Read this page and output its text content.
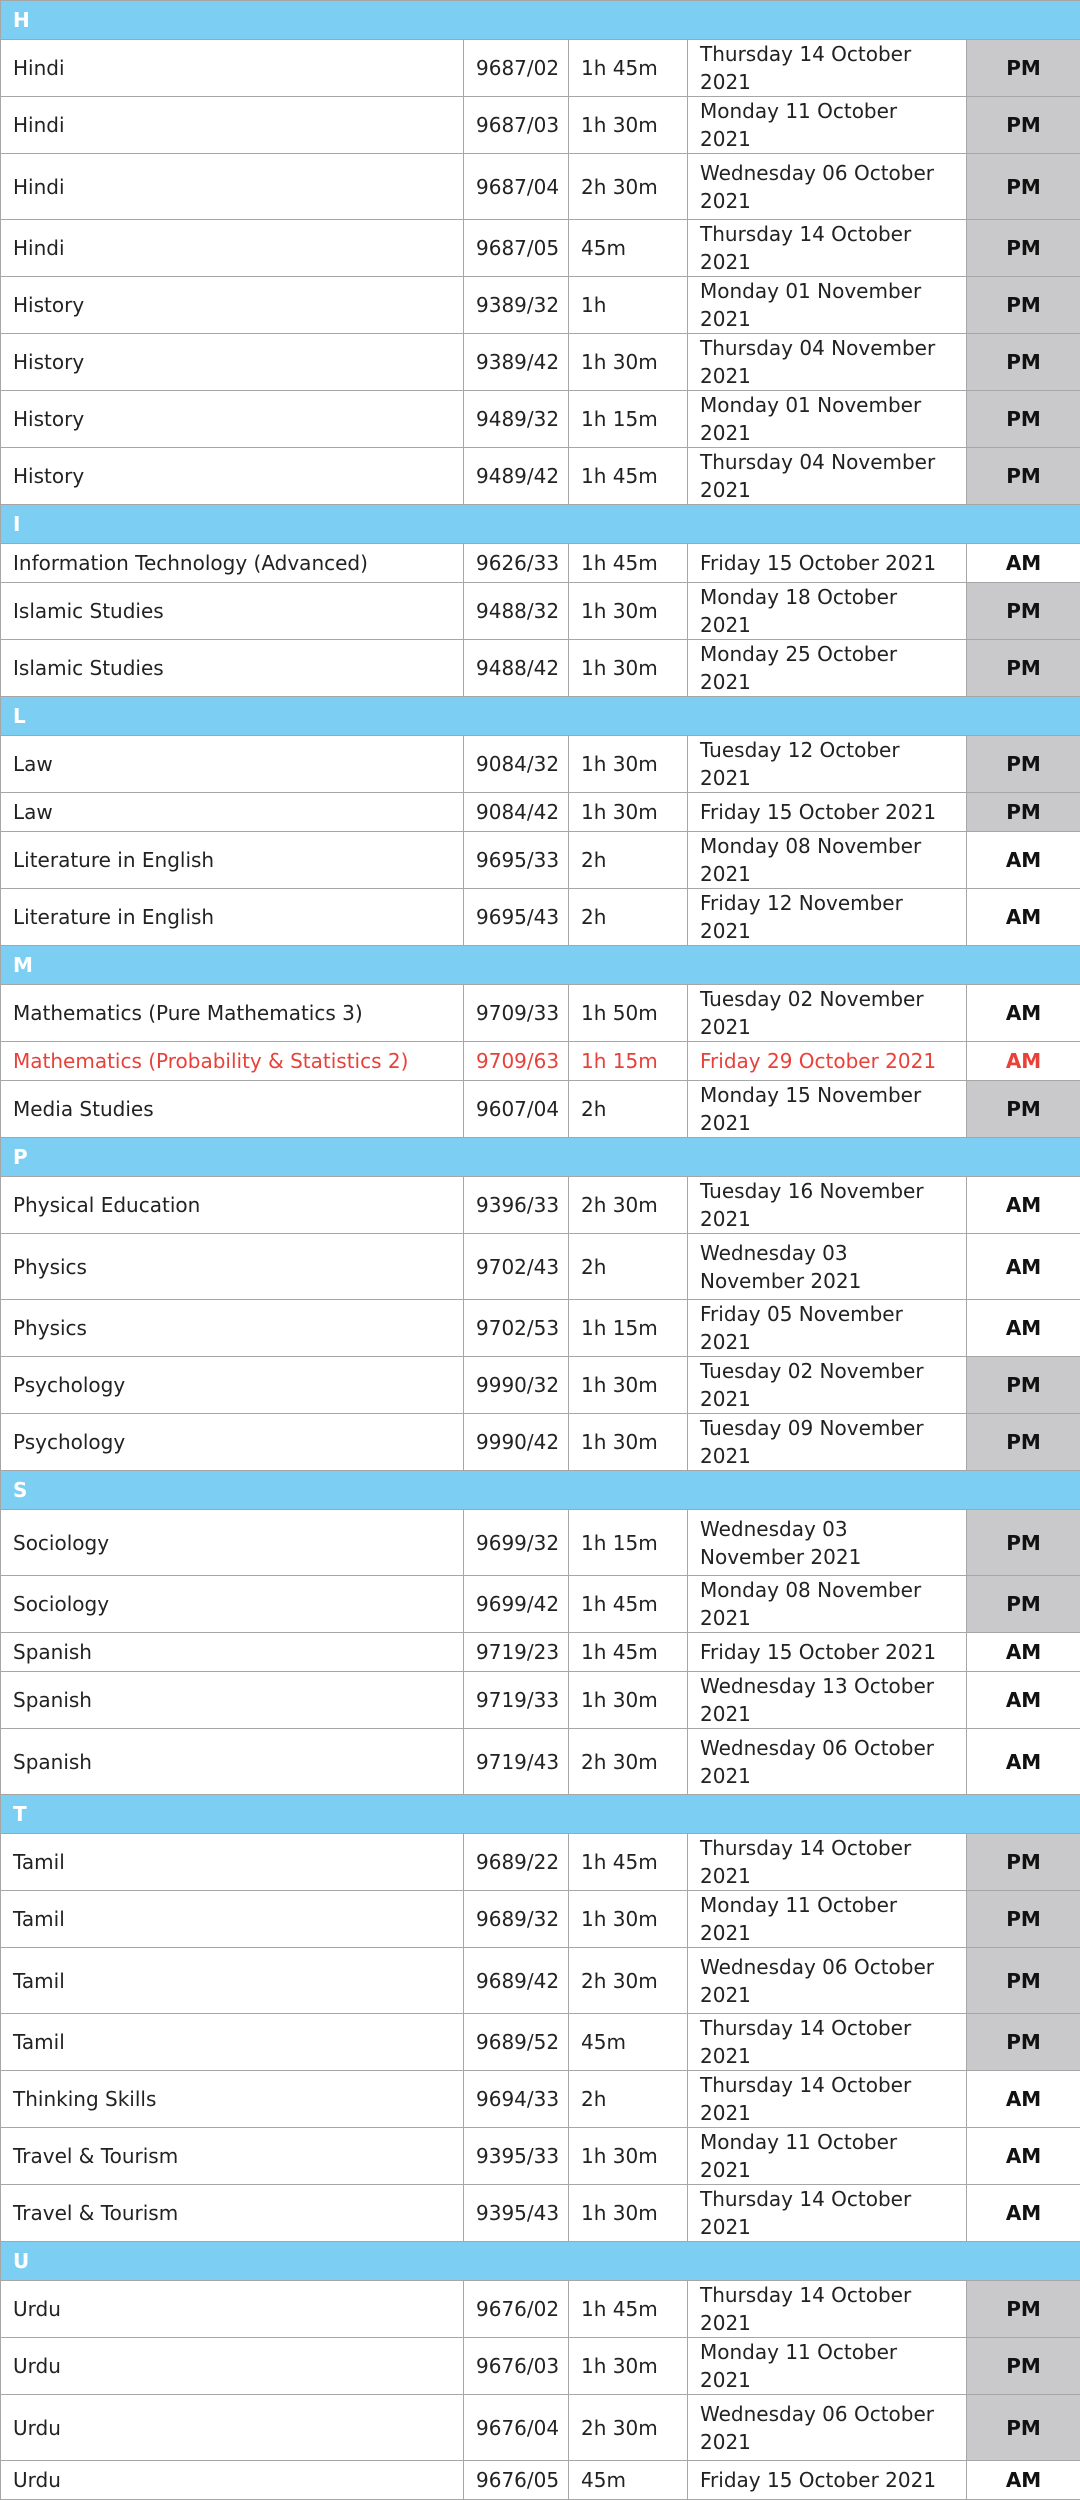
H				
Hindi	9687/02	1h 45m	Thursday 14 October 2021	PM
Hindi	9687/03	1h 30m	Monday 11 October 2021	PM
Hindi	9687/04	2h 30m	Wednesday 06 October 2021	PM
Hindi	9687/05	45m	Thursday 14 October 2021	PM
History	9389/32	1h	Monday 01 November 2021	PM
History	9389/42	1h 30m	Thursday 04 November 2021	PM
History	9489/32	1h 15m	Monday 01 November 2021	PM
History	9489/42	1h 45m	Thursday 04 November 2021	PM
I				
Information Technology (Advanced)	9626/33	1h 45m	Friday 15 October 2021	AM
Islamic Studies	9488/32	1h 30m	Monday 18 October 2021	PM
Islamic Studies	9488/42	1h 30m	Monday 25 October 2021	PM
L				
Law	9084/32	1h 30m	Tuesday 12 October 2021	PM
Law	9084/42	1h 30m	Friday 15 October 2021	PM
Literature in English	9695/33	2h	Monday 08 November 2021	AM
Literature in English	9695/43	2h	Friday 12 November 2021	AM
M				
Mathematics (Pure Mathematics 3)	9709/33	1h 50m	Tuesday 02 November 2021	AM
Mathematics (Probability & Statistics 2)	9709/63	1h 15m	Friday 29 October 2021	AM
Media Studies	9607/04	2h	Monday 15 November 2021	PM
P				
Physical Education	9396/33	2h 30m	Tuesday 16 November 2021	AM
Physics	9702/43	2h	Wednesday 03 November 2021	AM
Physics	9702/53	1h 15m	Friday 05 November 2021	AM
Psychology	9990/32	1h 30m	Tuesday 02 November 2021	PM
Psychology	9990/42	1h 30m	Tuesday 09 November 2021	PM
S				
Sociology	9699/32	1h 15m	Wednesday 03 November 2021	PM
Sociology	9699/42	1h 45m	Monday 08 November 2021	PM
Spanish	9719/23	1h 45m	Friday 15 October 2021	AM
Spanish	9719/33	1h 30m	Wednesday 13 October 2021	AM
Spanish	9719/43	2h 30m	Wednesday 06 October 2021	AM
T				
Tamil	9689/22	1h 45m	Thursday 14 October 2021	PM
Tamil	9689/32	1h 30m	Monday 11 October 2021	PM
Tamil	9689/42	2h 30m	Wednesday 06 October 2021	PM
Tamil	9689/52	45m	Thursday 14 October 2021	PM
Thinking Skills	9694/33	2h	Thursday 14 October 2021	AM
Travel & Tourism	9395/33	1h 30m	Monday 11 October 2021	AM
Travel & Tourism	9395/43	1h 30m	Thursday 14 October 2021	AM
U				
Urdu	9676/02	1h 45m	Thursday 14 October 2021	PM
Urdu	9676/03	1h 30m	Monday 11 October 2021	PM
Urdu	9676/04	2h 30m	Wednesday 06 October 2021	PM
Urdu	9676/05	45m	Friday 15 October 2021	AM
